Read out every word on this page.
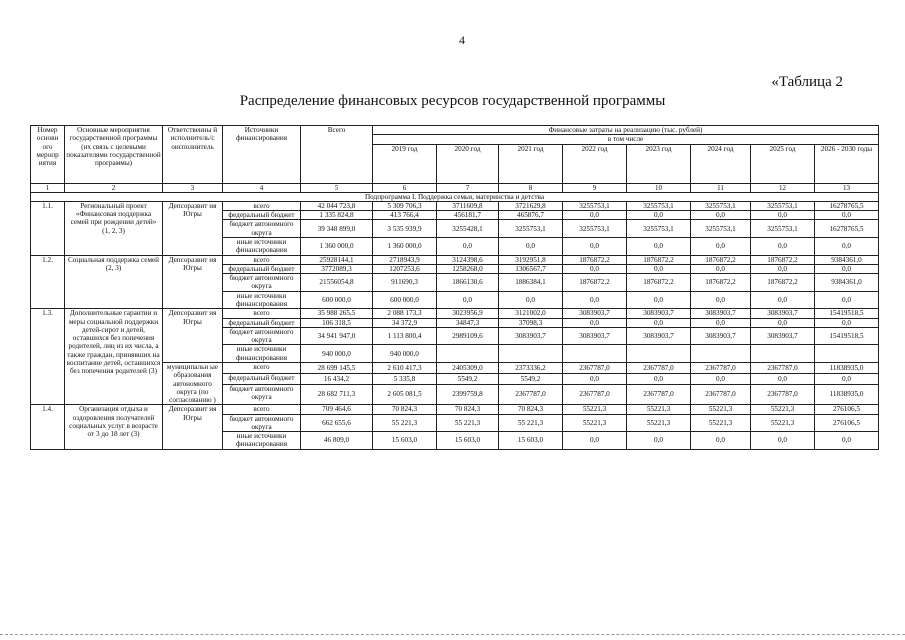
4
«Таблица 2
Распределение финансовых ресурсов государственной программы
Номер основн ого меропр иятия	Основные мероприятия государственной программы (их связь с целевыми показателями государственной программы)	Ответственны й исполнитель/с оисполнитель	Источники финансирования	Всего	Финансовые затраты на реализацию (тыс. рублей)							
					в том числе							
					2019 год	2020 год	2021 год	2022 год	2023 год	2024 год	2025 год	2026 - 2030 годы
1	2	3	4	5	6	7	8	9	10	11	12	13
Подпрограмма I. Поддержка семьи, материнства и детства												
1.1.	Региональный проект «Финансовая поддержка семей при рождении детей» (1, 2, 3)	Депсоразвит ия Югры	всего	42 044 723,8	5 309 706,3	3711609,8	3721629,8	3255753,1	3255753,1	3255753,1	3255753,1	16278765,5
			федеральный бюджет	1 335 824,8	413 766,4	456181,7	465876,7	0,0	0,0	0,0	0,0	0,0
			бюджет автономного округа	39 348 899,0	3 535 939,9	3255428,1	3255753,1	3255753,1	3255753,1	3255753,1	3255753,1	16278765,5
			иные источники финансирования	1 360 000,0	1 360 000,0	0,0	0,0	0,0	0,0	0,0	0,0	0,0
1.2.	Социальная поддержка семей (2, 3)	Депсоразвит ия Югры	всего	25928144,1	2718943,9	3124398,6	3192951,8	1876872,2	1876872,2	1876872,2	1876872,2	9384361,0
			федеральный бюджет	3772089,3	1207253,6	1258268,0	1306567,7	0,0	0,0	0,0	0,0	0,0
			бюджет автономного округа	21556054,8	911690,3	1866130,6	1886384,1	1876872,2	1876872,2	1876872,2	1876872,2	9384361,0
			иные источники финансирования	600 000,0	600 000,0	0,0	0,0	0,0	0,0	0,0	0,0	0,0
1.3.	Дополнительные гарантии и меры социальной поддержки детей-сирот и детей, оставшихся без попечения родителей, лиц из их числа, а также граждан, принявших на воспитание детей, оставшихся без попечения родителей (3)	Депсоразвит ия Югры	всего	35 988 265,5	2 088 173,3	3023956,9	3121002,0	3083903,7	3083903,7	3083903,7	3083903,7	15419518,5
			федеральный бюджет	106 318,5	34 372,9	34847,3	37098,3	0,0	0,0	0,0	0,0	0,0
			бюджет автономного округа	34 941 947,0	1 113 800,4	2989109,6	3083903,7	3083903,7	3083903,7	3083903,7	3083903,7	15419518,5
			иные источники финансирования	940 000,0	940 000,0							
		муниципальн ые образования автономного округа (по согласованию )	всего	28 699 145,5	2 610 417,3	2405309,0	2373336,2	2367787,0	2367787,0	2367787,0	2367787,0	11838935,0
			федеральный бюджет	16 434,2	5 335,8	5549,2	5549,2	0,0	0,0	0,0	0,0	0,0
			бюджет автономного округа	28 682 711,3	2 605 081,5	2399759,8	2367787,0	2367787,0	2367787,0	2367787,0	2367787,0	11838935,0
1.4.	Организация отдыха и оздоровления получателей социальных услуг в возрасте от 3 до 18 лет (3)	Депсоразвит ия Югры	всего	709 464,6	70 824,3	70 824,3	70 824,3	55221,3	55221,3	55221,3	55221,3	276106,5
			бюджет автономного округа	662 655,6	55 221,3	55 221,3	55 221,3	55221,3	55221,3	55221,3	55221,3	276106,5
			иные источники финансирования	46 809,0	15 603,0	15 603,0	15 603,0	0,0	0,0	0,0	0,0	0,0
